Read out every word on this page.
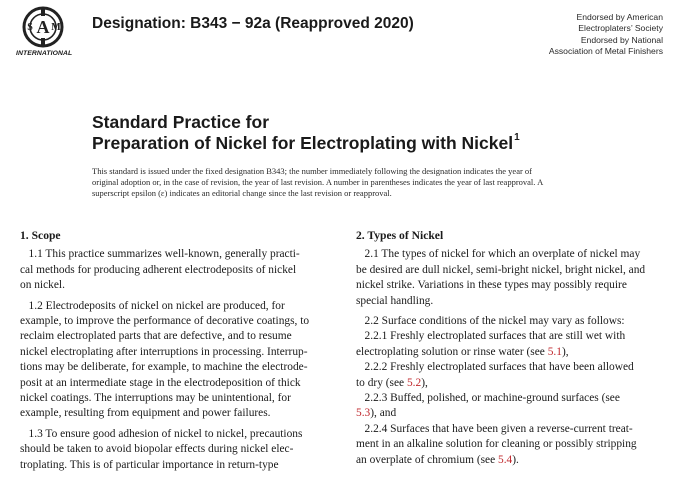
A
S M
INTERNATIONAL
Designation: B343 − 92a (Reapproved 2020)	Endorsed by American
Electroplaters’ Society
Endorsed by National
Association of Metal Finishers
Standard Practice for
Preparation of Nickel for Electroplating with Nickel$^1$
This standard is issued under the fixed designation B343; the number immediately following the designation indicates the year of
original adoption or, in the case of revision, the year of last revision. A number in parentheses indicates the year of last reapproval. A
superscript epsilon (ε) indicates an editorial change since the last revision or reapproval.
1. Scope
1.1 This practice summarizes well-known, generally practi-
cal methods for producing adherent electrodeposits of nickel
on nickel.
1.2 Electrodeposits of nickel on nickel are produced, for
example, to improve the performance of decorative coatings, to
reclaim electroplated parts that are defective, and to resume
nickel electroplating after interruptions in processing. Interrup-
tions may be deliberate, for example, to machine the electrode-
posit at an intermediate stage in the electrodeposition of thick
nickel coatings. The interruptions may be unintentional, for
example, resulting from equipment and power failures.
1.3 To ensure good adhesion of nickel to nickel, precautions
should be taken to avoid biopolar effects during nickel elec-
troplating. This is of particular importance in return-type
2. Types of Nickel
2.1 The types of nickel for which an overplate of nickel may
be desired are dull nickel, semi-bright nickel, bright nickel, and
nickel strike. Variations in these types may possibly require
special handling.
2.2 Surface conditions of the nickel may vary as follows:
2.2.1 Freshly electroplated surfaces that are still wet with
electroplating solution or rinse water (see 5.1),
2.2.2 Freshly electroplated surfaces that have been allowed
to dry (see 5.2),
2.2.3 Buffed, polished, or machine-ground surfaces (see
5.3), and
2.2.4 Surfaces that have been given a reverse-current treat-
ment in an alkaline solution for cleaning or possibly stripping
an overplate of chromium (see 5.4).
